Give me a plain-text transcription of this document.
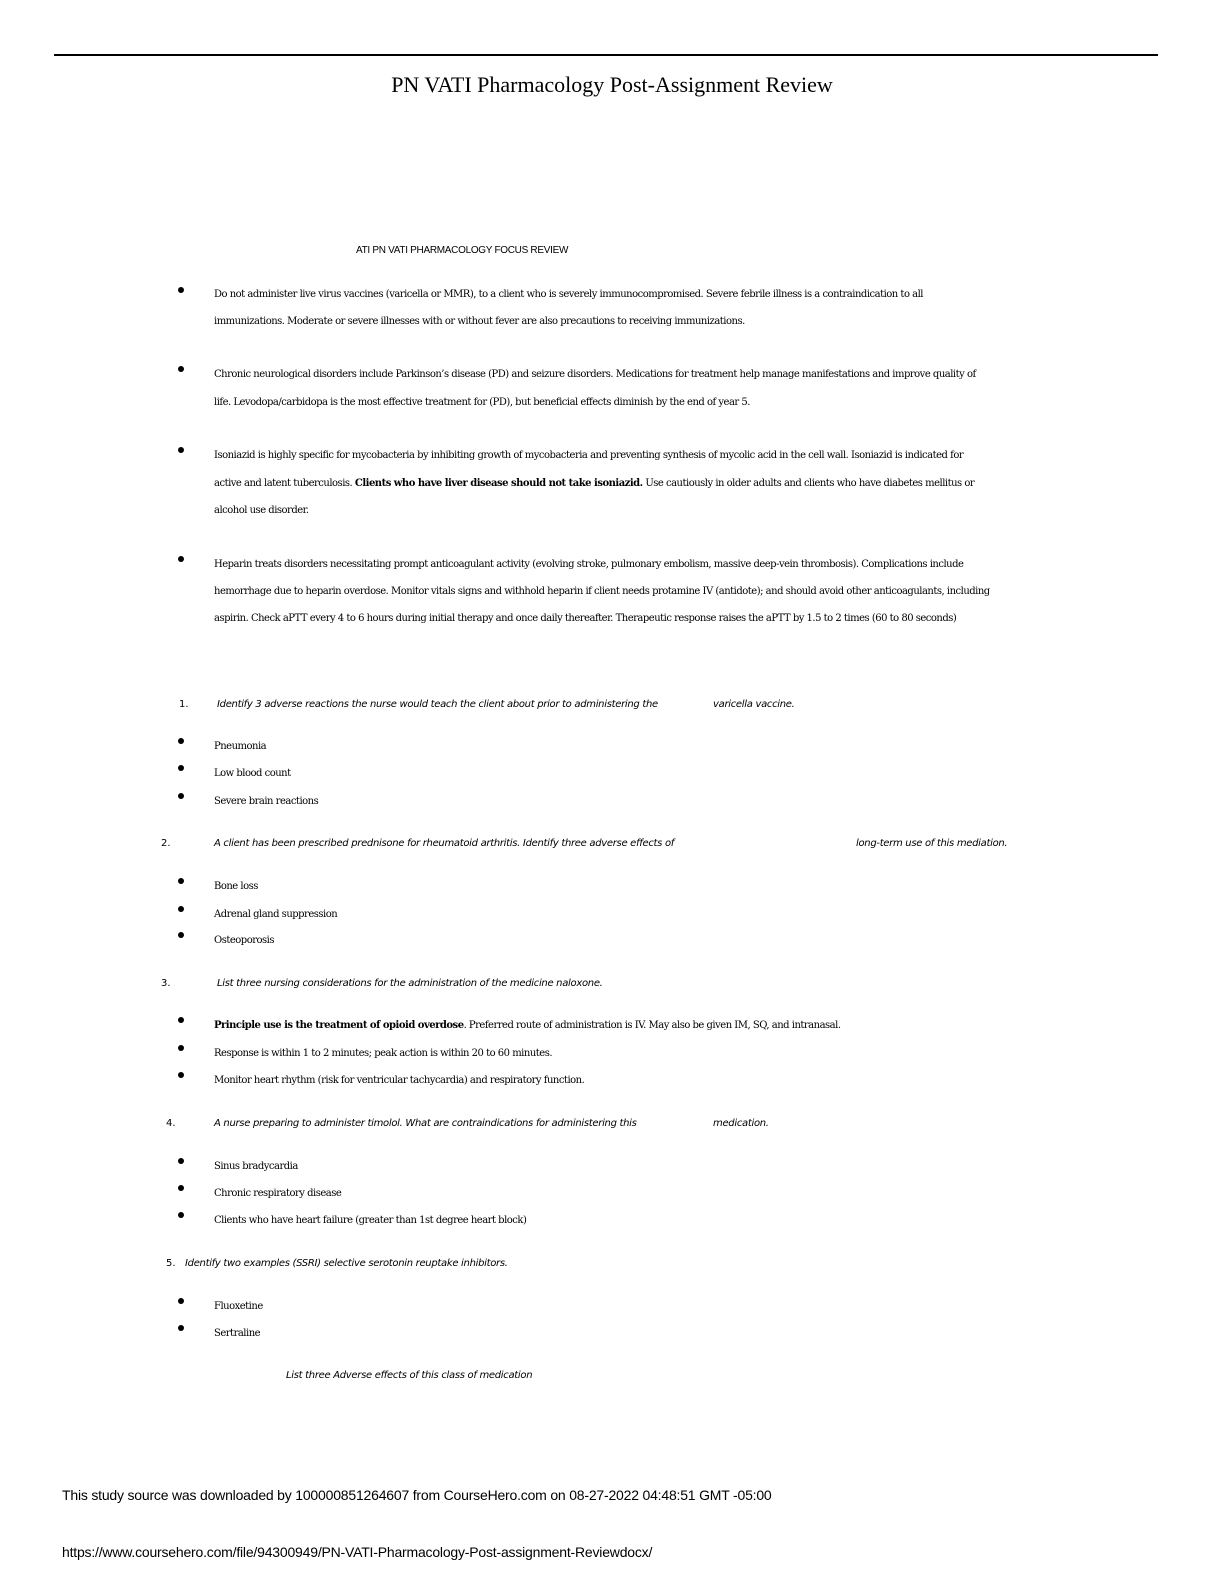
PN VATI Pharmacology Post-Assignment Review
ATI PN VATI PHARMACOLOGY FOCUS REVIEW
Do not administer live virus vaccines (varicella or MMR), to a client who is severely immunocompromised. Severe febrile illness is a contraindication to all
immunizations. Moderate or severe illnesses with or without fever are also precautions to receiving immunizations.
Chronic neurological disorders include Parkinson’s disease (PD) and seizure disorders. Medications for treatment help manage manifestations and improve quality of
life. Levodopa/carbidopa is the most effective treatment for (PD), but beneficial effects diminish by the end of year 5.
Isoniazid is highly specific for mycobacteria by inhibiting growth of mycobacteria and preventing synthesis of mycolic acid in the cell wall. Isoniazid is indicated for
active and latent tuberculosis. Clients who have liver disease should not take isoniazid. Use cautiously in older adults and clients who have diabetes mellitus or
alcohol use disorder.
Heparin treats disorders necessitating prompt anticoagulant activity (evolving stroke, pulmonary embolism, massive deep-vein thrombosis). Complications include
hemorrhage due to heparin overdose. Monitor vitals signs and withhold heparin if client needs protamine IV (antidote); and should avoid other anticoagulants, including
aspirin. Check aPTT every 4 to 6 hours during initial therapy and once daily thereafter. Therapeutic response raises the aPTT by 1.5 to 2 times (60 to 80 seconds)
1.	Identify 3 adverse reactions the nurse would teach the client about prior to administering the	varicella vaccine.
Pneumonia
Low blood count
Severe brain reactions
2.	A client has been prescribed prednisone for rheumatoid arthritis. Identify three adverse effects of	long-term use of this mediation.
Bone loss
Adrenal gland suppression
Osteoporosis
3.	List three nursing considerations for the administration of the medicine naloxone.
Principle use is the treatment of opioid overdose. Preferred route of administration is IV. May also be given IM, SQ, and intranasal.
Response is within 1 to 2 minutes; peak action is within 20 to 60 minutes.
Monitor heart rhythm (risk for ventricular tachycardia) and respiratory function.
4.	A nurse preparing to administer timolol. What are contraindications for administering this	medication.
Sinus bradycardia
Chronic respiratory disease
Clients who have heart failure (greater than 1st degree heart block)
5. Identify two examples (SSRI) selective serotonin reuptake inhibitors.
Fluoxetine
Sertraline
List three Adverse effects of this class of medication
This study source was downloaded by 100000851264607 from CourseHero.com on 08-27-2022 04:48:51 GMT -05:00
https://www.coursehero.com/file/94300949/PN-VATI-Pharmacology-Post-assignment-Reviewdocx/
